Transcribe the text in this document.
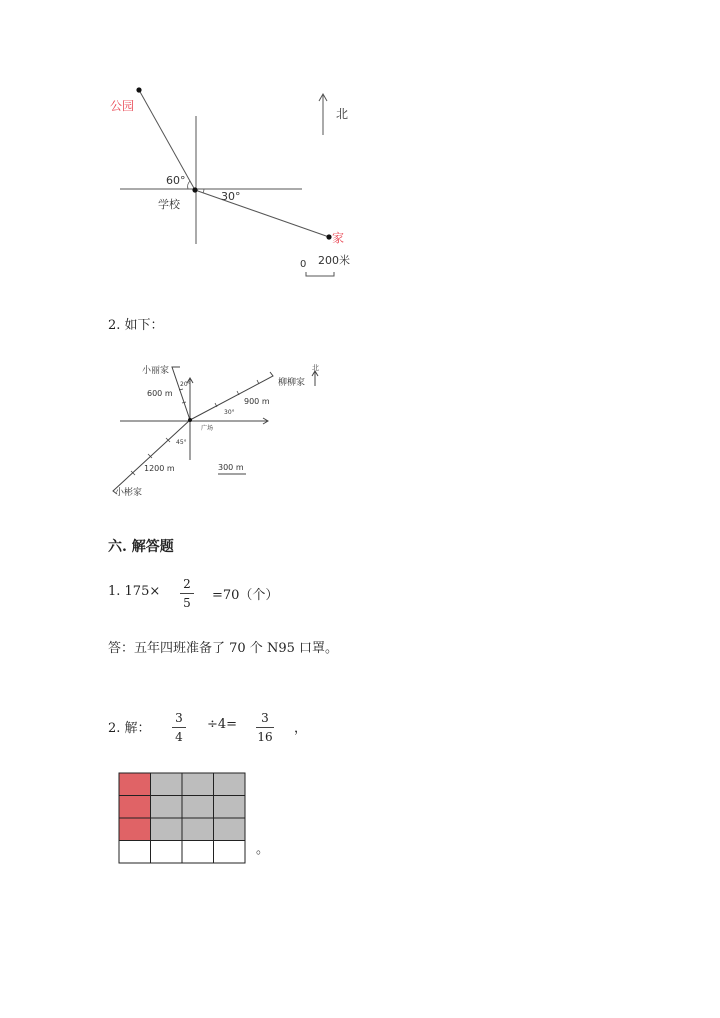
公园
学校
家
北
60°
30°
0 200米
2. 如下：
小丽家
柳柳家
小彬家
广场
北
600 m
900 m
1200 m
20°
30°
45°
300 m
六. 解答题
1. 175× 2
5 =70（个）
答：五年四班准备了 70 个 N95 口罩。
2. 解：
3
4
÷4=	3
16
，
。
